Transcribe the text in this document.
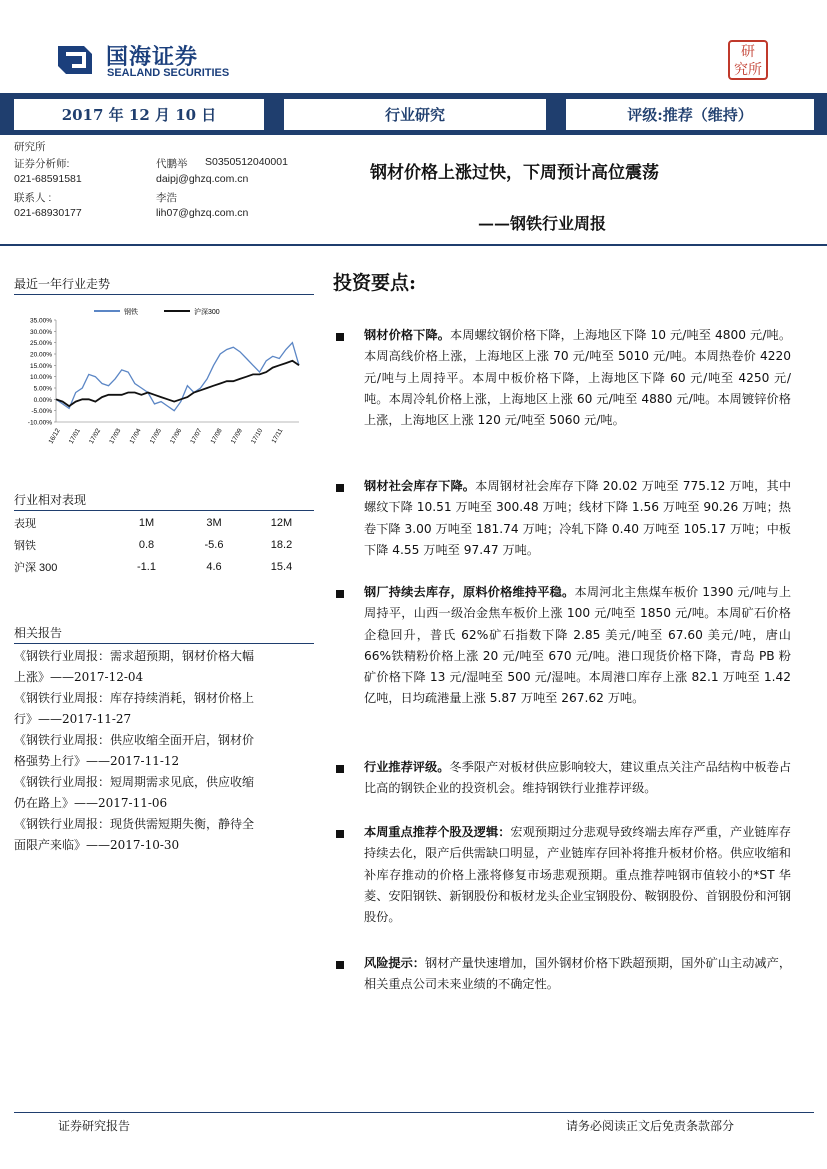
国海证券
SEALAND SECURITIES
研
究所
2017 年 12 月 10 日	行业研究	评级:推荐（维持）
研究所
证券分析师:	代鹏举 S0350512040001
021-68591581	daipj@ghzq.com.cn
联系人 :	李浩
021-68930177	lih07@ghzq.com.cn
钢材价格上涨过快，下周预计高位震荡
——钢铁行业周报
最近一年行业走势
钢铁	沪深300
35.00%
30.00%
25.00%
20.00%
15.00%
10.00%
5.00%
0.00%
-5.00%
-10.00%
16/12 17/01 17/02 17/03 17/04 17/05 17/06 17/07 17/08 17/09 17/10 17/11
行业相对表现
表现	1M	3M	12M
钢铁	0.8	-5.6	18.2
沪深 300	-1.1	4.6	15.4
相关报告
《钢铁行业周报：需求超预期，钢材价格大幅
上涨》——2017-12-04
《钢铁行业周报：库存持续消耗，钢材价格上
行》——2017-11-27
《钢铁行业周报：供应收缩全面开启，钢材价
格强势上行》——2017-11-12
《钢铁行业周报：短周期需求见底，供应收缩
仍在路上》——2017-11-06
《钢铁行业周报：现货供需短期失衡，静待全
面限产来临》——2017-10-30
投资要点:
钢材价格下降。本周螺纹钢价格下降，上海地区下降 10 元/吨至 4800 元/吨。本周高线价格上涨，上海地区上涨 70 元/吨至 5010 元/吨。本周热卷价 4220 元/吨与上周持平。本周中板价格下降，上海地区下降 60 元/吨至 4250 元/吨。本周冷轧价格上涨，上海地区上涨 60 元/吨至 4880 元/吨。本周镀锌价格上涨，上海地区上涨 120 元/吨至 5060 元/吨。
钢材社会库存下降。本周钢材社会库存下降 20.02 万吨至 775.12 万吨，其中螺纹下降 10.51 万吨至 300.48 万吨；线材下降 1.56 万吨至 90.26 万吨；热卷下降 3.00 万吨至 181.74 万吨；冷轧下降 0.40 万吨至 105.17 万吨；中板下降 4.55 万吨至 97.47 万吨。
钢厂持续去库存，原料价格维持平稳。本周河北主焦煤车板价 1390 元/吨与上周持平，山西一级冶金焦车板价上涨 100 元/吨至 1850 元/吨。本周矿石价格企稳回升，普氏 62%矿石指数下降 2.85 美元/吨至 67.60 美元/吨，唐山 66%铁精粉价格上涨 20 元/吨至 670 元/吨。港口现货价格下降，青岛 PB 粉矿价格下降 13 元/湿吨至 500 元/湿吨。本周港口库存上涨 82.1 万吨至 1.42 亿吨，日均疏港量上涨 5.87 万吨至 267.62 万吨。
行业推荐评级。冬季限产对板材供应影响较大，建议重点关注产品结构中板卷占比高的钢铁企业的投资机会。维持钢铁行业推荐评级。
本周重点推荐个股及逻辑：宏观预期过分悲观导致终端去库存严重，产业链库存持续去化，限产后供需缺口明显，产业链库存回补将推升板材价格。供应收缩和补库存推动的价格上涨将修复市场悲观预期。重点推荐吨钢市值较小的*ST 华菱、安阳钢铁、新钢股份和板材龙头企业宝钢股份、鞍钢股份、首钢股份和河钢股份。
风险提示：钢材产量快速增加，国外钢材价格下跌超预期，国外矿山主动减产，相关重点公司未来业绩的不确定性。
证券研究报告	请务必阅读正文后免责条款部分
